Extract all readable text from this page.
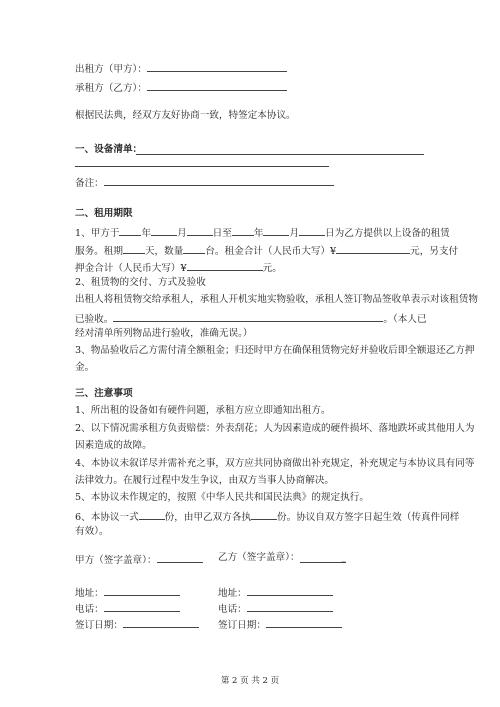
出租方（甲方）：
承租方（乙方）：
根据民法典，经双方友好协商一致，特签定本协议。
一、设备清单：
备注：
二、租用期限
1、甲方于 年	月	日至 年	月	日为乙方提供以上设备的租赁
服务。租期 天，数量 台。租金合计（人民币大写）¥	元，另支付
押金合计（人民币大写）¥	元。
2、租赁物的交付、方式及验收
出租人将租赁物交给承租人，承租人开机实地实物验收，承租人签订物品签收单表示对该租赁物
已验收。	。（本人已
经对清单所列物品进行验收，准确无误。）
3、物品验收后乙方需付清全额租金；归还时甲方在确保租赁物完好并验收后即全额退还乙方押
金。
三、注意事项
1、所出租的设备如有硬件问题，承租方应立即通知出租方。
2、以下情况需承租方负责赔偿：外表刮花；人为因素造成的硬件损坏、落地跌坏或其他用人为
因素造成的故障。
4、本协议未叙详尽并需补充之事，双方应共同协商做出补充规定，补充规定与本协议具有同等
法律效力。在履行过程中发生争议，由双方当事人协商解决。
5、本协议未作规定的，按照《中华人民共和国民法典》的规定执行。
6、本协议一式	份，由甲乙双方各执	份。协议自双方签字日起生效（传真件同样
有效）。
甲方（签字盖章）：	乙方（签字盖章）：	_
地址：	地址：
电话：	电话：
签订日期：	签订日期：
第 2 页 共 2 页
